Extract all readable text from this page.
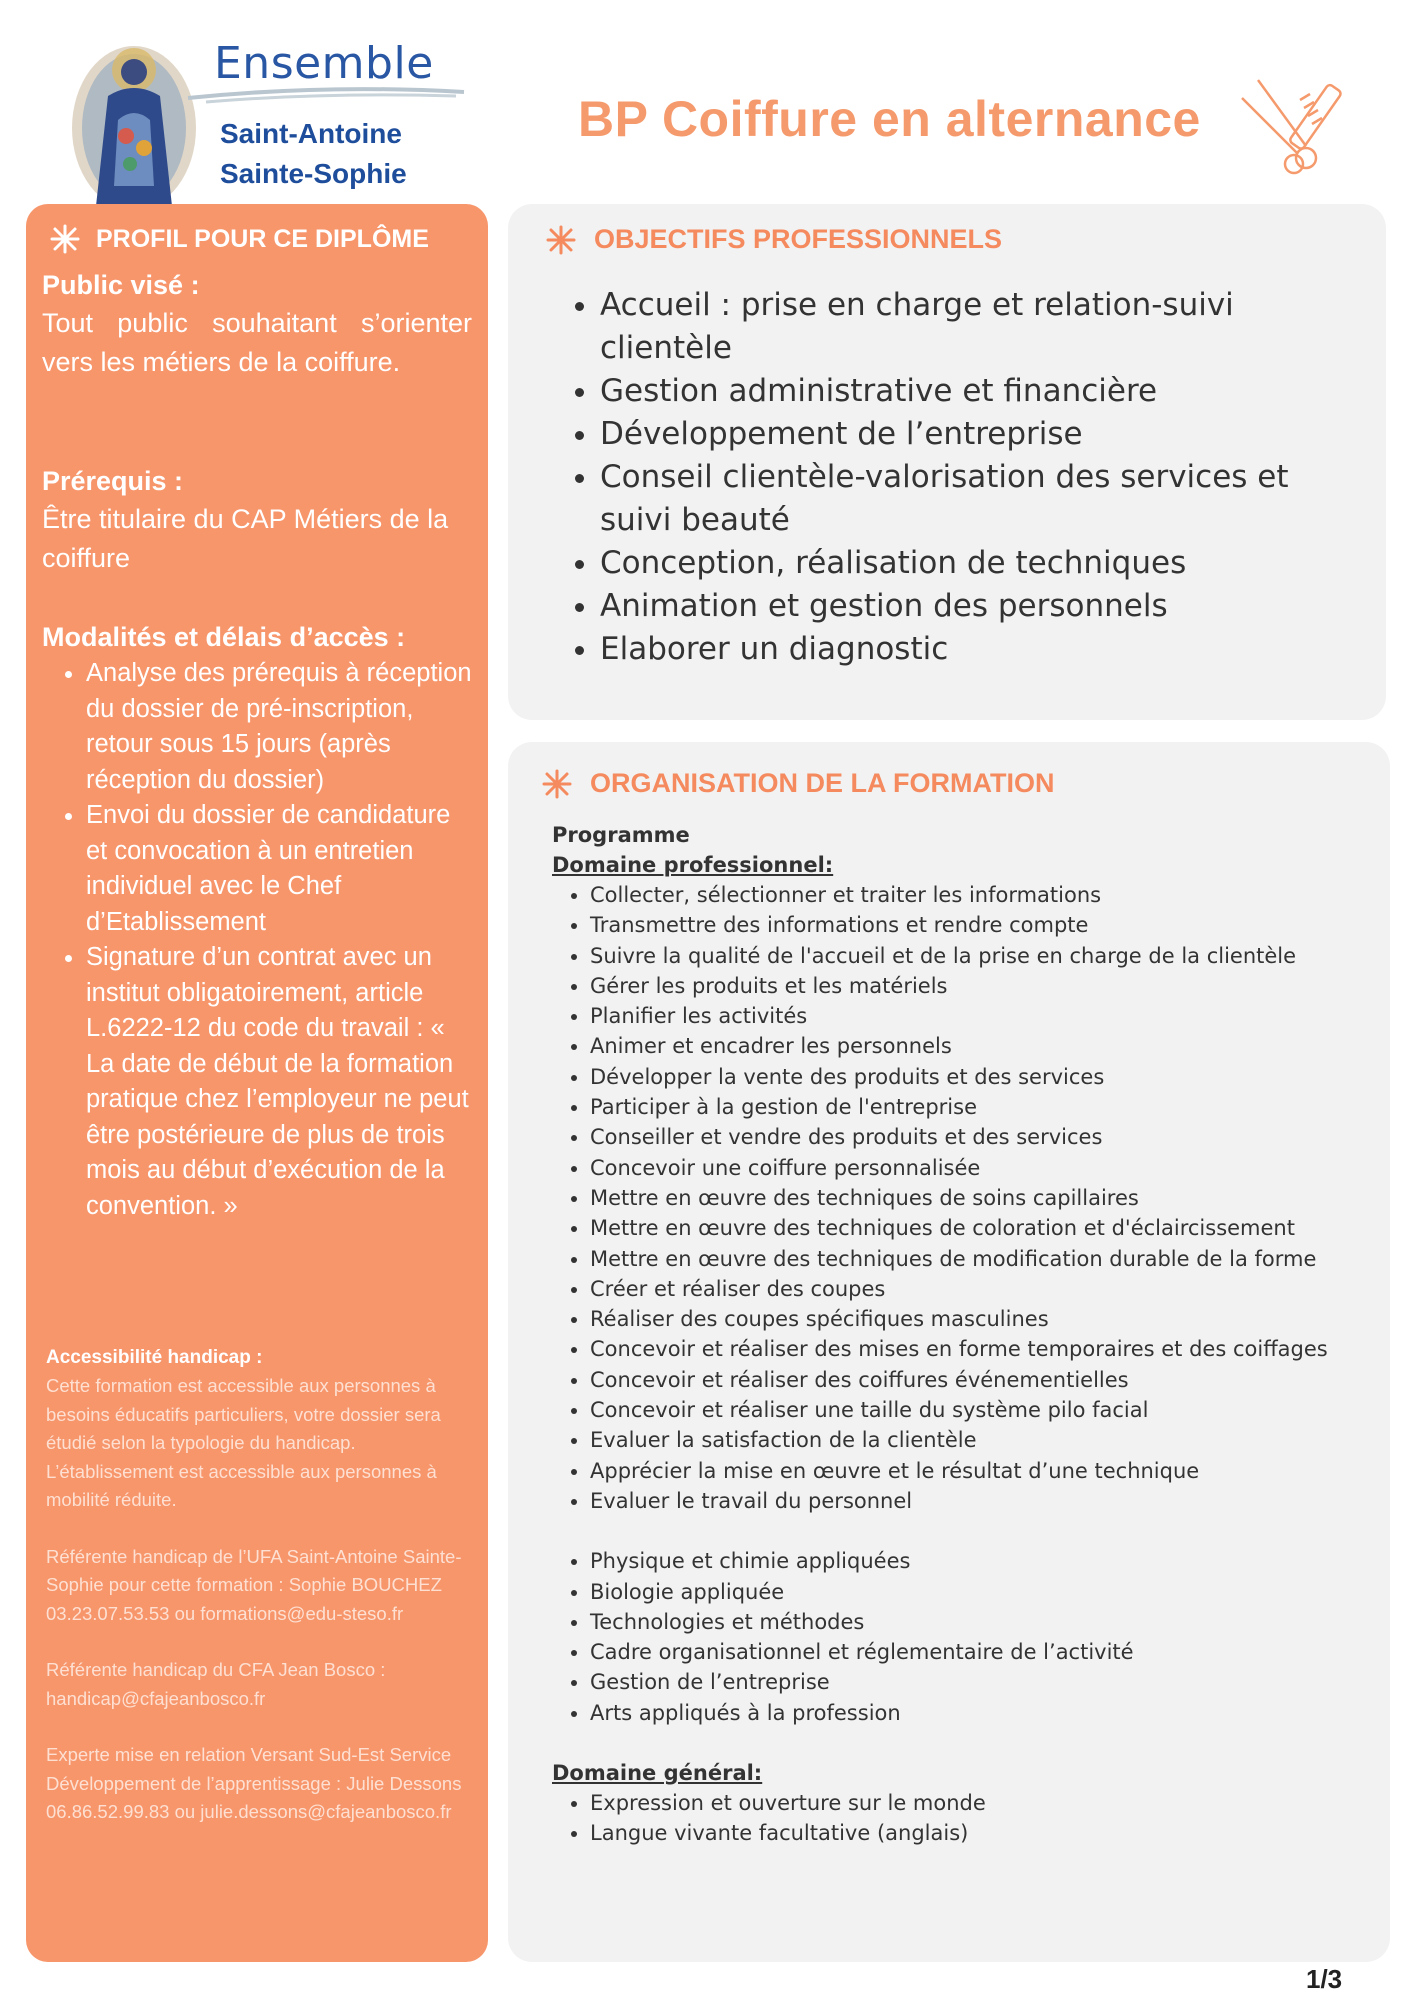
Ensemble
Saint-Antoine
Sainte-Sophie
BP Coiffure en alternance
PROFIL POUR CE DIPLÔME

Public visé :

Tout public souhaitant s’orienter vers les métiers de la coiffure.

Prérequis :

Être titulaire du CAP Métiers de la coiffure

Modalités et délais d’accès :

• Analyse des prérequis à réception du dossier de pré-inscription, retour sous 15 jours (après réception du dossier)
• Envoi du dossier de candidature et convocation à un entretien individuel avec le Chef d’Etablissement
• Signature d’un contrat avec un institut obligatoirement, article L.6222-12 du code du travail : « La date de début de la formation pratique chez l’employeur ne peut être postérieure de plus de trois mois au début d’exécution de la convention. »

Accessibilité handicap :

Cette formation est accessible aux personnes à besoins éducatifs particuliers, votre dossier sera étudié selon la typologie du handicap. L’établissement est accessible aux personnes à mobilité réduite.

Référente handicap de l’UFA Saint-Antoine Sainte-Sophie pour cette formation : Sophie BOUCHEZ 03.23.07.53.53 ou formations@edu-steso.fr

Référente handicap du CFA Jean Bosco : handicap@cfajeanbosco.fr

Experte mise en relation Versant Sud-Est Service Développement de l’apprentissage : Julie Dessons 06.86.52.99.83 ou julie.dessons@cfajeanbosco.fr

OBJECTIFS PROFESSIONNELS
• Accueil : prise en charge et relation-suivi clientèle
• Gestion administrative et financière
• Développement de l’entreprise
• Conseil clientèle-valorisation des services et suivi beauté
• Conception, réalisation de techniques
• Animation et gestion des personnels
• Elaborer un diagnostic
ORGANISATION DE LA FORMATION

Programme

Domaine professionnel:

• Collecter, sélectionner et traiter les informations
• Transmettre des informations et rendre compte
• Suivre la qualité de l'accueil et de la prise en charge de la clientèle
• Gérer les produits et les matériels
• Planifier les activités
• Animer et encadrer les personnels
• Développer la vente des produits et des services
• Participer à la gestion de l'entreprise
• Conseiller et vendre des produits et des services
• Concevoir une coiffure personnalisée
• Mettre en œuvre des techniques de soins capillaires
• Mettre en œuvre des techniques de coloration et d'éclaircissement
• Mettre en œuvre des techniques de modification durable de la forme
• Créer et réaliser des coupes
• Réaliser des coupes spécifiques masculines
• Concevoir et réaliser des mises en forme temporaires et des coiffages
• Concevoir et réaliser des coiffures événementielles
• Concevoir et réaliser une taille du système pilo facial
• Evaluer la satisfaction de la clientèle
• Apprécier la mise en œuvre et le résultat d’une technique
• Evaluer le travail du personnel
• Physique et chimie appliquées
• Biologie appliquée
• Technologies et méthodes
• Cadre organisationnel et réglementaire de l’activité
• Gestion de l’entreprise
• Arts appliqués à la profession

Domaine général:

• Expression et ouverture sur le monde
• Langue vivante facultative (anglais)
1/3
